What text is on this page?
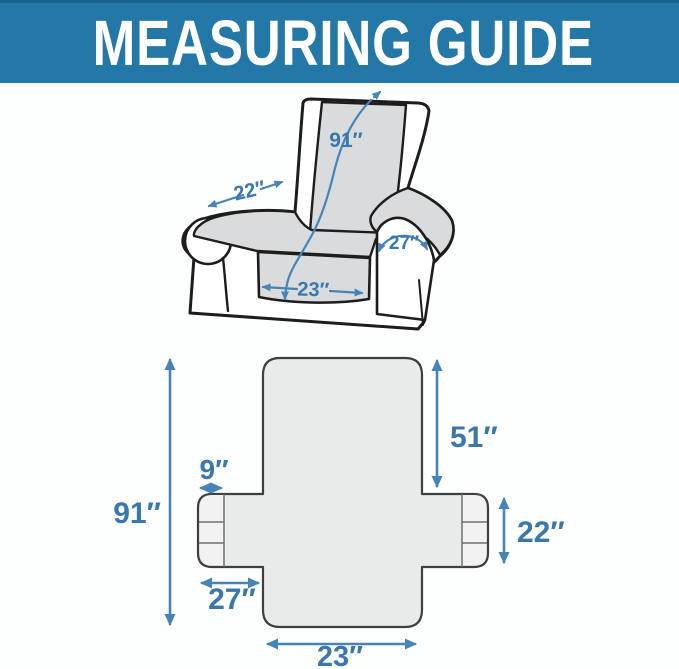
MEASURING GUIDE
91″
22″
27″
23″
91″
51″
9″
22″
27″
23″
